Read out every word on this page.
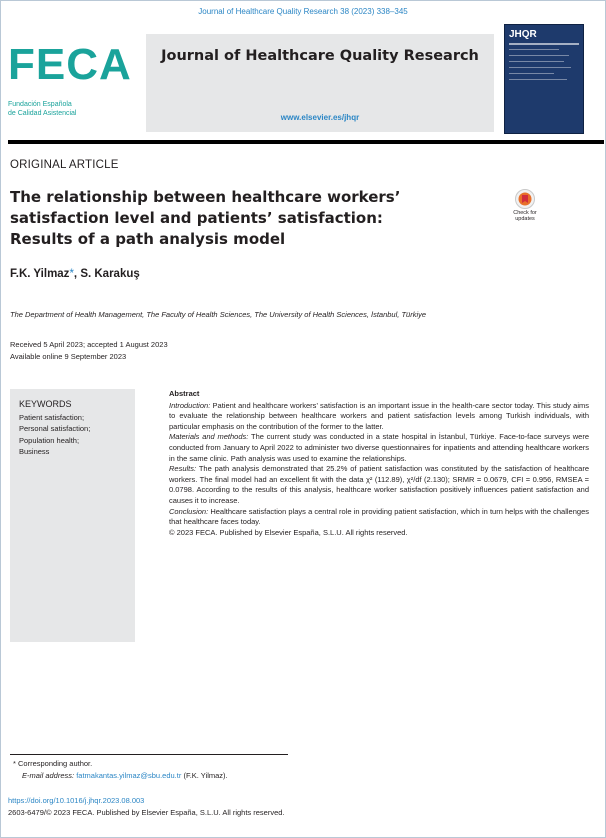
Journal of Healthcare Quality Research 38 (2023) 338–345
FECA
Fundación Española
de Calidad Asistencial
Journal of Healthcare Quality Research
www.elsevier.es/jhqr
JHQR
ORIGINAL ARTICLE
The relationship between healthcare workers’
satisfaction level and patients’ satisfaction:
Results of a path analysis model
Check for updates
F.K. Yilmaz*, S. Karakuş
The Department of Health Management, The Faculty of Health Sciences, The University of Health Sciences, İstanbul, Türkiye
Received 5 April 2023; accepted 1 August 2023
Available online 9 September 2023
KEYWORDS
Patient satisfaction;
Personal satisfaction;
Population health;
Business
Abstract

Introduction: Patient and healthcare workers’ satisfaction is an important issue in the health-care sector today. This study aims to evaluate the relationship between healthcare workers and patient satisfaction levels among Turkish individuals, with particular emphasis on the contribution of the former to the latter.

Materials and methods: The current study was conducted in a state hospital in İstanbul, Türkiye. Face-to-face surveys were conducted from January to April 2022 to administer two diverse questionnaires for inpatients and attending healthcare workers in the same clinic. Path analysis was used to examine the relationships.

Results: The path analysis demonstrated that 25.2% of patient satisfaction was constituted by the satisfaction of healthcare workers. The final model had an excellent fit with the data χ² (112.89), χ²/df (2.130); SRMR = 0.0679, CFI = 0.956, RMSEA = 0.0798. According to the results of this analysis, healthcare worker satisfaction positively influences patient satisfaction and causes it to increase.

Conclusion: Healthcare satisfaction plays a central role in providing patient satisfaction, which in turn helps with the challenges that healthcare faces today.

© 2023 FECA. Published by Elsevier España, S.L.U. All rights reserved.

* Corresponding author.
E-mail address: fatmakantas.yilmaz@sbu.edu.tr (F.K. Yilmaz).
https://doi.org/10.1016/j.jhqr.2023.08.003
2603-6479/© 2023 FECA. Published by Elsevier España, S.L.U. All rights reserved.
